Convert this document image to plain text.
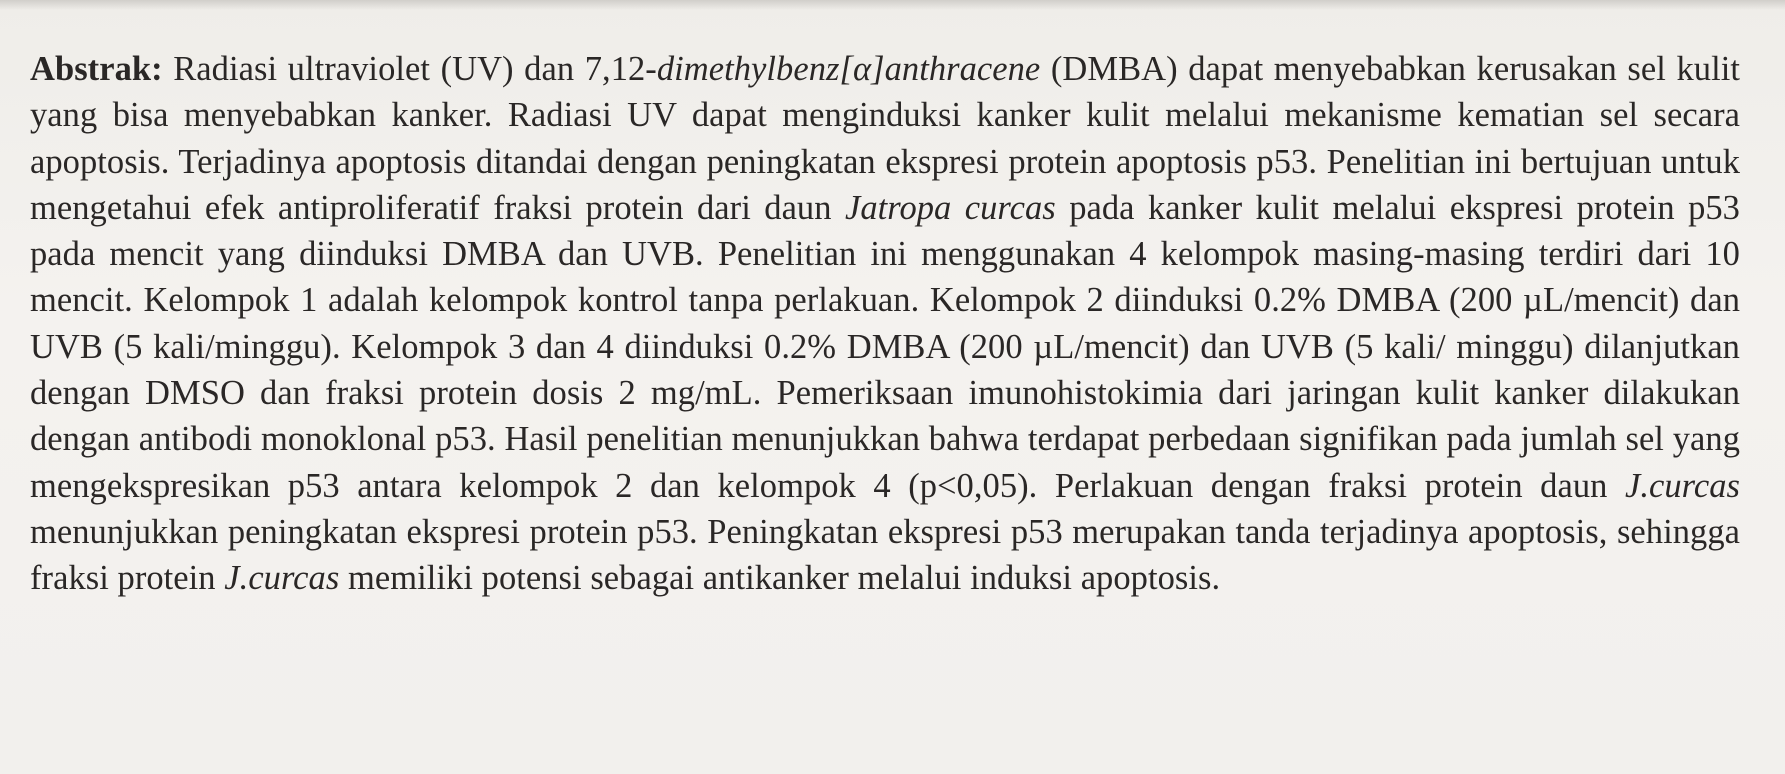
Abstrak: Radiasi ultraviolet (UV) dan 7,12-dimethylbenz[α]anthracene (DMBA) dapat menyebabkan kerusakan sel kulit yang bisa menyebabkan kanker. Radiasi UV dapat menginduksi kanker kulit melalui mekanisme kematian sel secara apoptosis. Terjadinya apoptosis ditandai dengan peningkatan ekspresi protein apoptosis p53. Penelitian ini bertujuan untuk mengetahui efek antiproliferatif fraksi protein dari daun Jatropa curcas pada kanker kulit melalui ekspresi protein p53 pada mencit yang diinduksi DMBA dan UVB. Penelitian ini menggunakan 4 kelompok masing-masing terdiri dari 10 mencit. Kelompok 1 adalah kelompok kontrol tanpa perlakuan. Kelompok 2 diinduksi 0.2% DMBA (200 µL/mencit) dan UVB (5 kali/minggu). Kelompok 3 dan 4 diinduksi 0.2% DMBA (200 µL/mencit) dan UVB (5 kali/ minggu) dilanjutkan dengan DMSO dan fraksi protein dosis 2 mg/mL. Pemeriksaan imunohistokimia dari jaringan kulit kanker dilakukan dengan antibodi monoklonal p53. Hasil penelitian menunjukkan bahwa terdapat perbedaan signifikan pada jumlah sel yang mengekspresikan p53 antara kelompok 2 dan kelompok 4 (p<0,05). Perlakuan dengan fraksi protein daun J.curcas menunjukkan peningkatan ekspresi protein p53. Peningkatan ekspresi p53 merupakan tanda terjadinya apoptosis, sehingga fraksi protein J.curcas memiliki potensi sebagai antikanker melalui induksi apoptosis.
